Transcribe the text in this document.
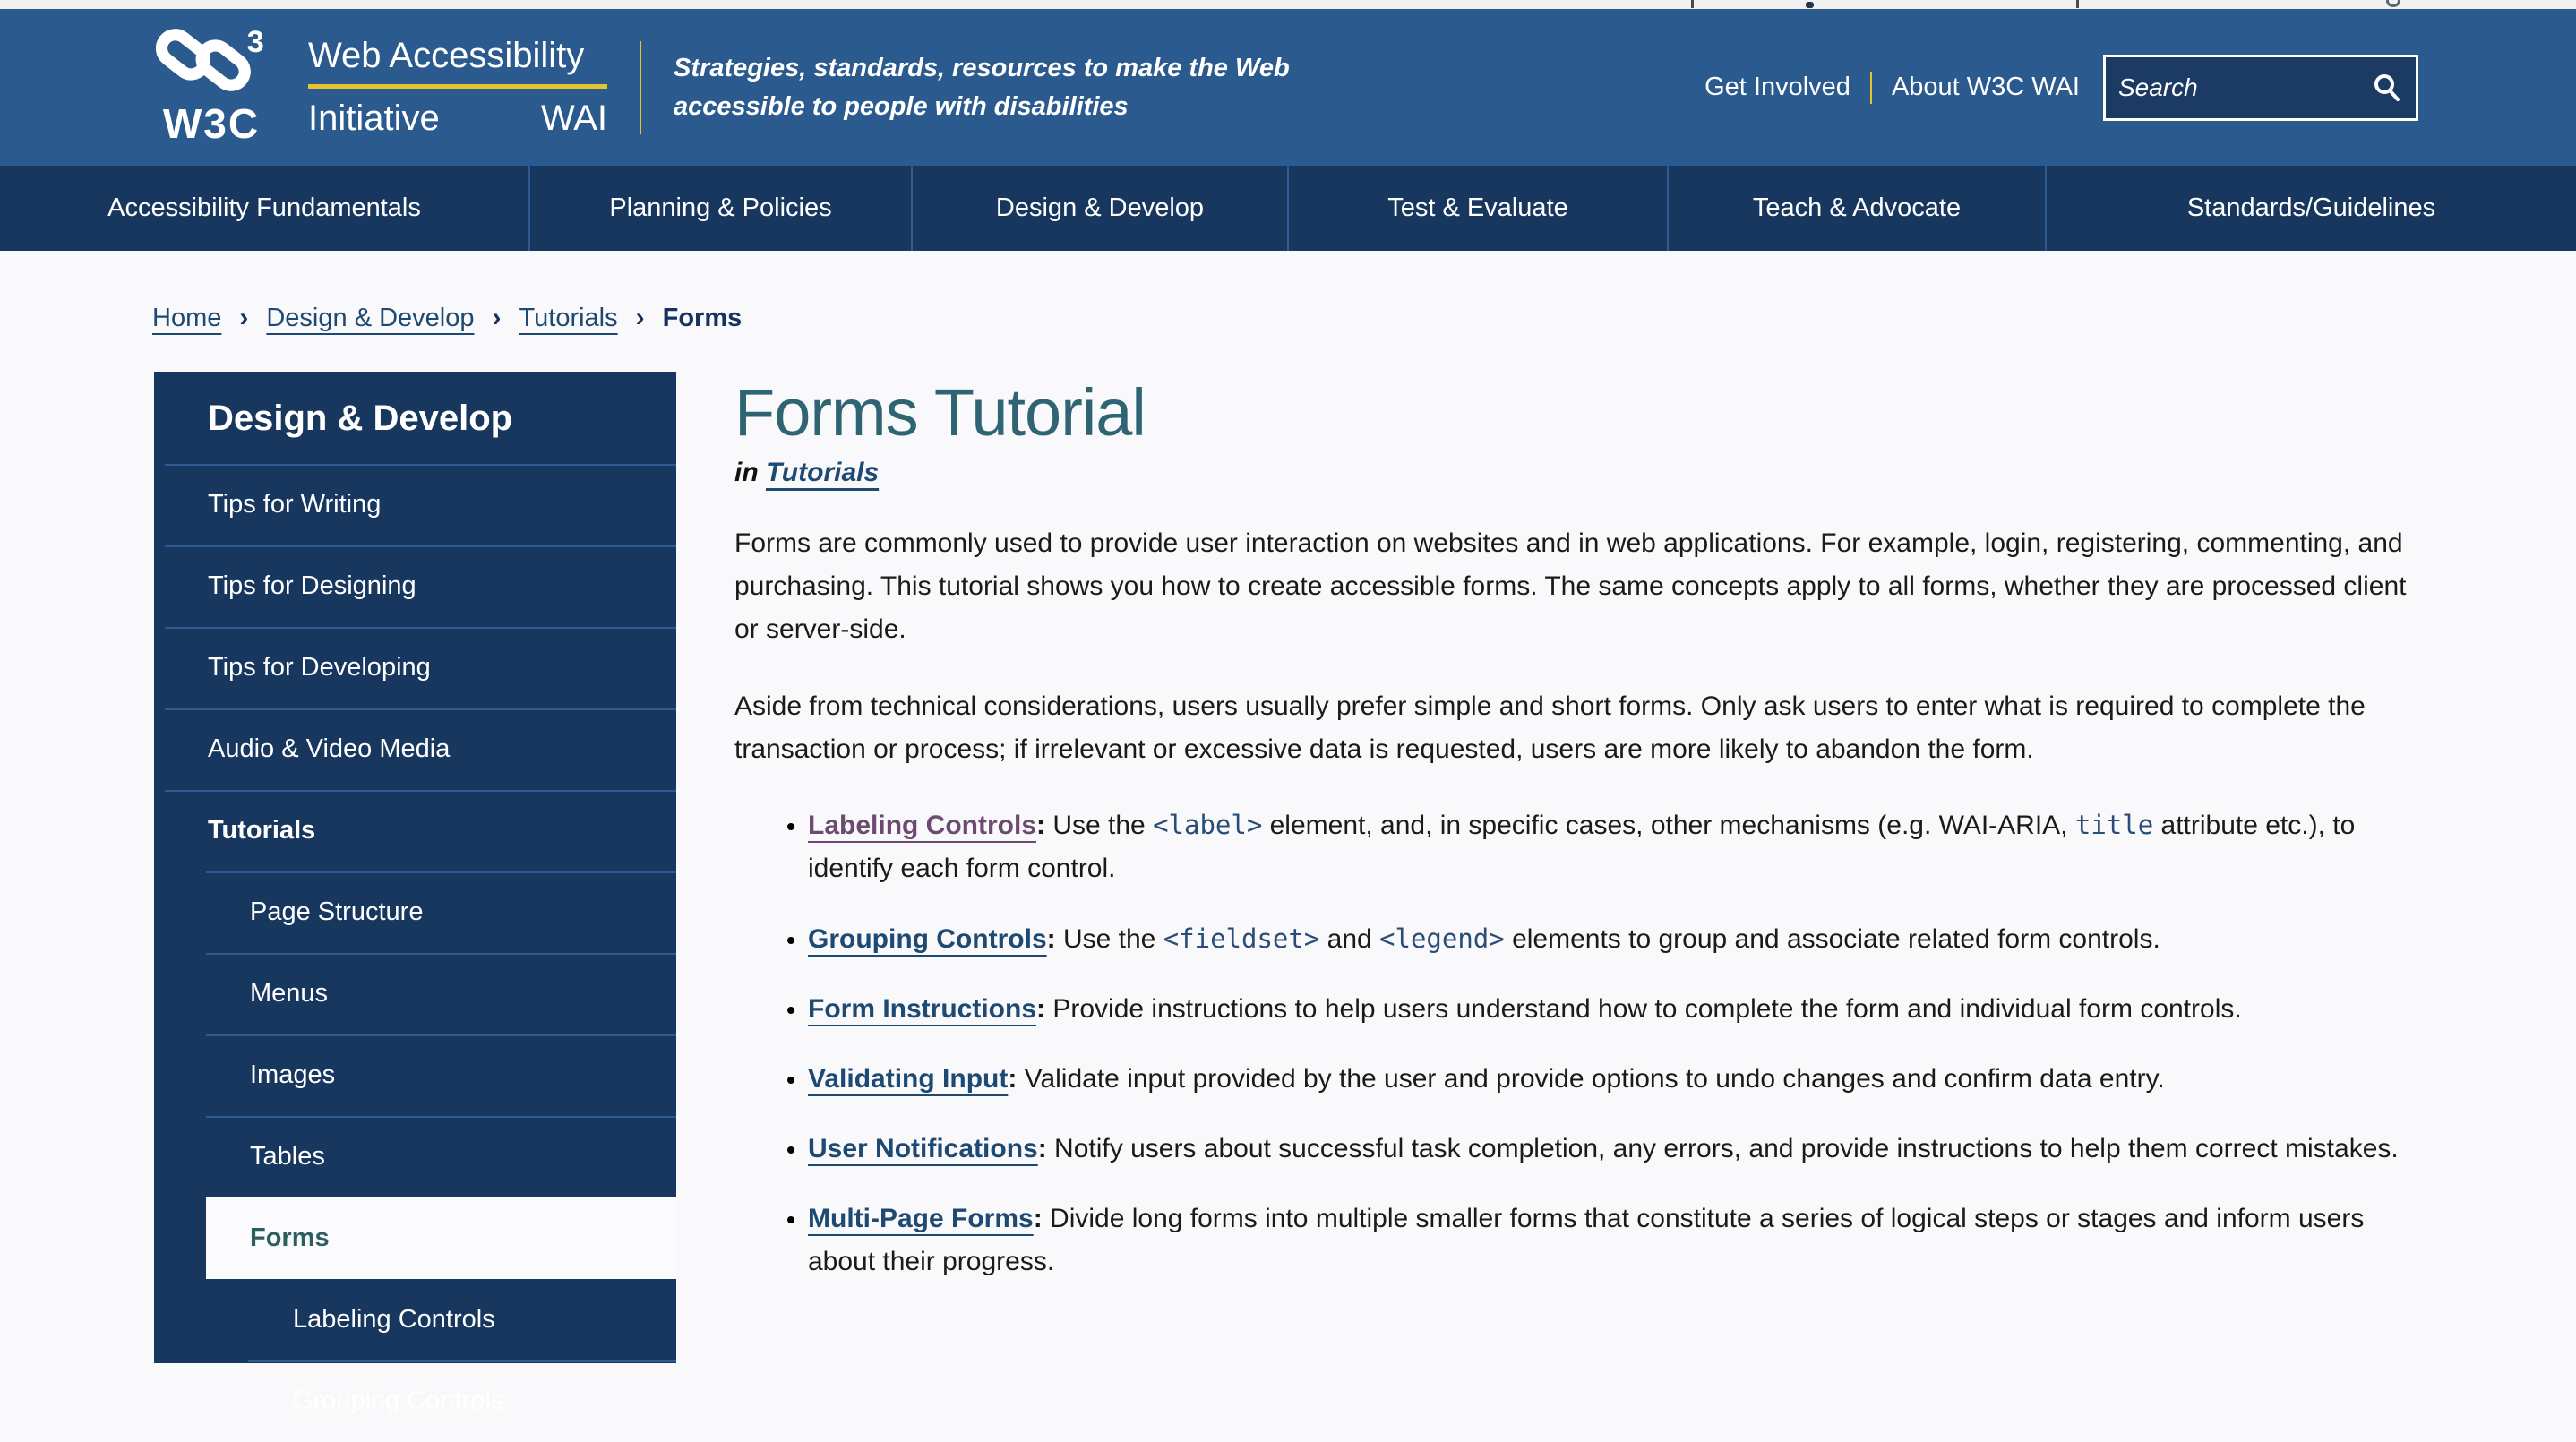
3
W3C
Web Accessibility
Initiative	WAI
Strategies, standards, resources to make the Web
accessible to people with disabilities
Get Involved About W3C WAI
Search
Accessibility Fundamentals	Planning & Policies	Design & Develop	Test & Evaluate	Teach & Advocate	Standards/Guidelines
Home › Design & Develop › Tutorials › Forms
Design & Develop
Tips for Writing
Tips for Designing
Tips for Developing
Audio & Video Media
Tutorials
Page Structure
Menus
Images
Tables
Forms
Labeling Controls
Grouping Controls
Forms Tutorial
in Tutorials

Forms are commonly used to provide user interaction on websites and in web applications. For example, login, registering, commenting, and purchasing. This tutorial shows you how to create accessible forms. The same concepts apply to all forms, whether they are processed client or server-side.

Aside from technical considerations, users usually prefer simple and short forms. Only ask users to enter what is required to complete the transaction or process; if irrelevant or excessive data is requested, users are more likely to abandon the form.

• Labeling Controls: Use the <label> element, and, in specific cases, other mechanisms (e.g. WAI-ARIA, title attribute etc.), to identify each form control.
• Grouping Controls: Use the <fieldset> and <legend> elements to group and associate related form controls.
• Form Instructions: Provide instructions to help users understand how to complete the form and individual form controls.
• Validating Input: Validate input provided by the user and provide options to undo changes and confirm data entry.
• User Notifications: Notify users about successful task completion, any errors, and provide instructions to help them correct mistakes.
• Multi-Page Forms: Divide long forms into multiple smaller forms that constitute a series of logical steps or stages and inform users about their progress.
